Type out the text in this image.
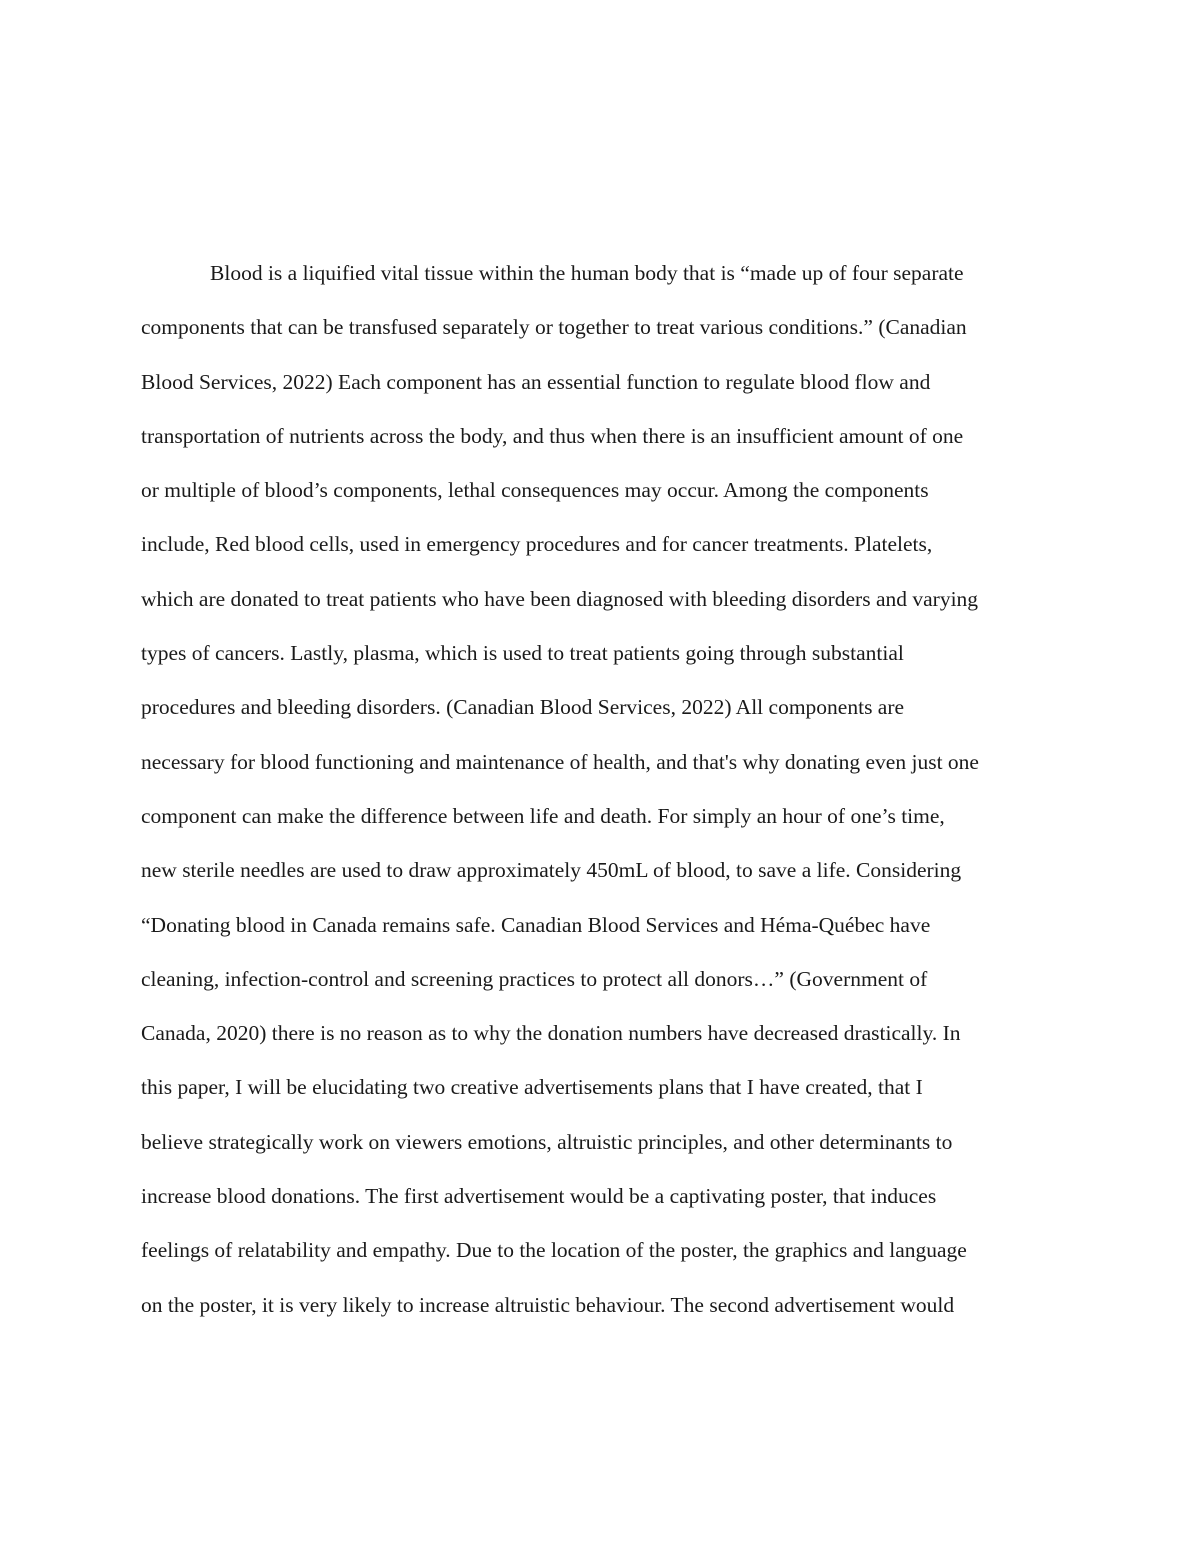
Blood is a liquified vital tissue within the human body that is “made up of four separate
components that can be transfused separately or together to treat various conditions.” (Canadian
Blood Services, 2022) Each component has an essential function to regulate blood flow and
transportation of nutrients across the body, and thus when there is an insufficient amount of one
or multiple of blood’s components, lethal consequences may occur. Among the components
include, Red blood cells, used in emergency procedures and for cancer treatments. Platelets,
which are donated to treat patients who have been diagnosed with bleeding disorders and varying
types of cancers. Lastly, plasma, which is used to treat patients going through substantial
procedures and bleeding disorders. (Canadian Blood Services, 2022) All components are
necessary for blood functioning and maintenance of health, and that's why donating even just one
component can make the difference between life and death. For simply an hour of one’s time,
new sterile needles are used to draw approximately 450mL of blood, to save a life. Considering
“Donating blood in Canada remains safe. Canadian Blood Services and Héma-Québec have
cleaning, infection-control and screening practices to protect all donors…” (Government of
Canada, 2020) there is no reason as to why the donation numbers have decreased drastically. In
this paper, I will be elucidating two creative advertisements plans that I have created, that I
believe strategically work on viewers emotions, altruistic principles, and other determinants to
increase blood donations. The first advertisement would be a captivating poster, that induces
feelings of relatability and empathy. Due to the location of the poster, the graphics and language
on the poster, it is very likely to increase altruistic behaviour. The second advertisement would
